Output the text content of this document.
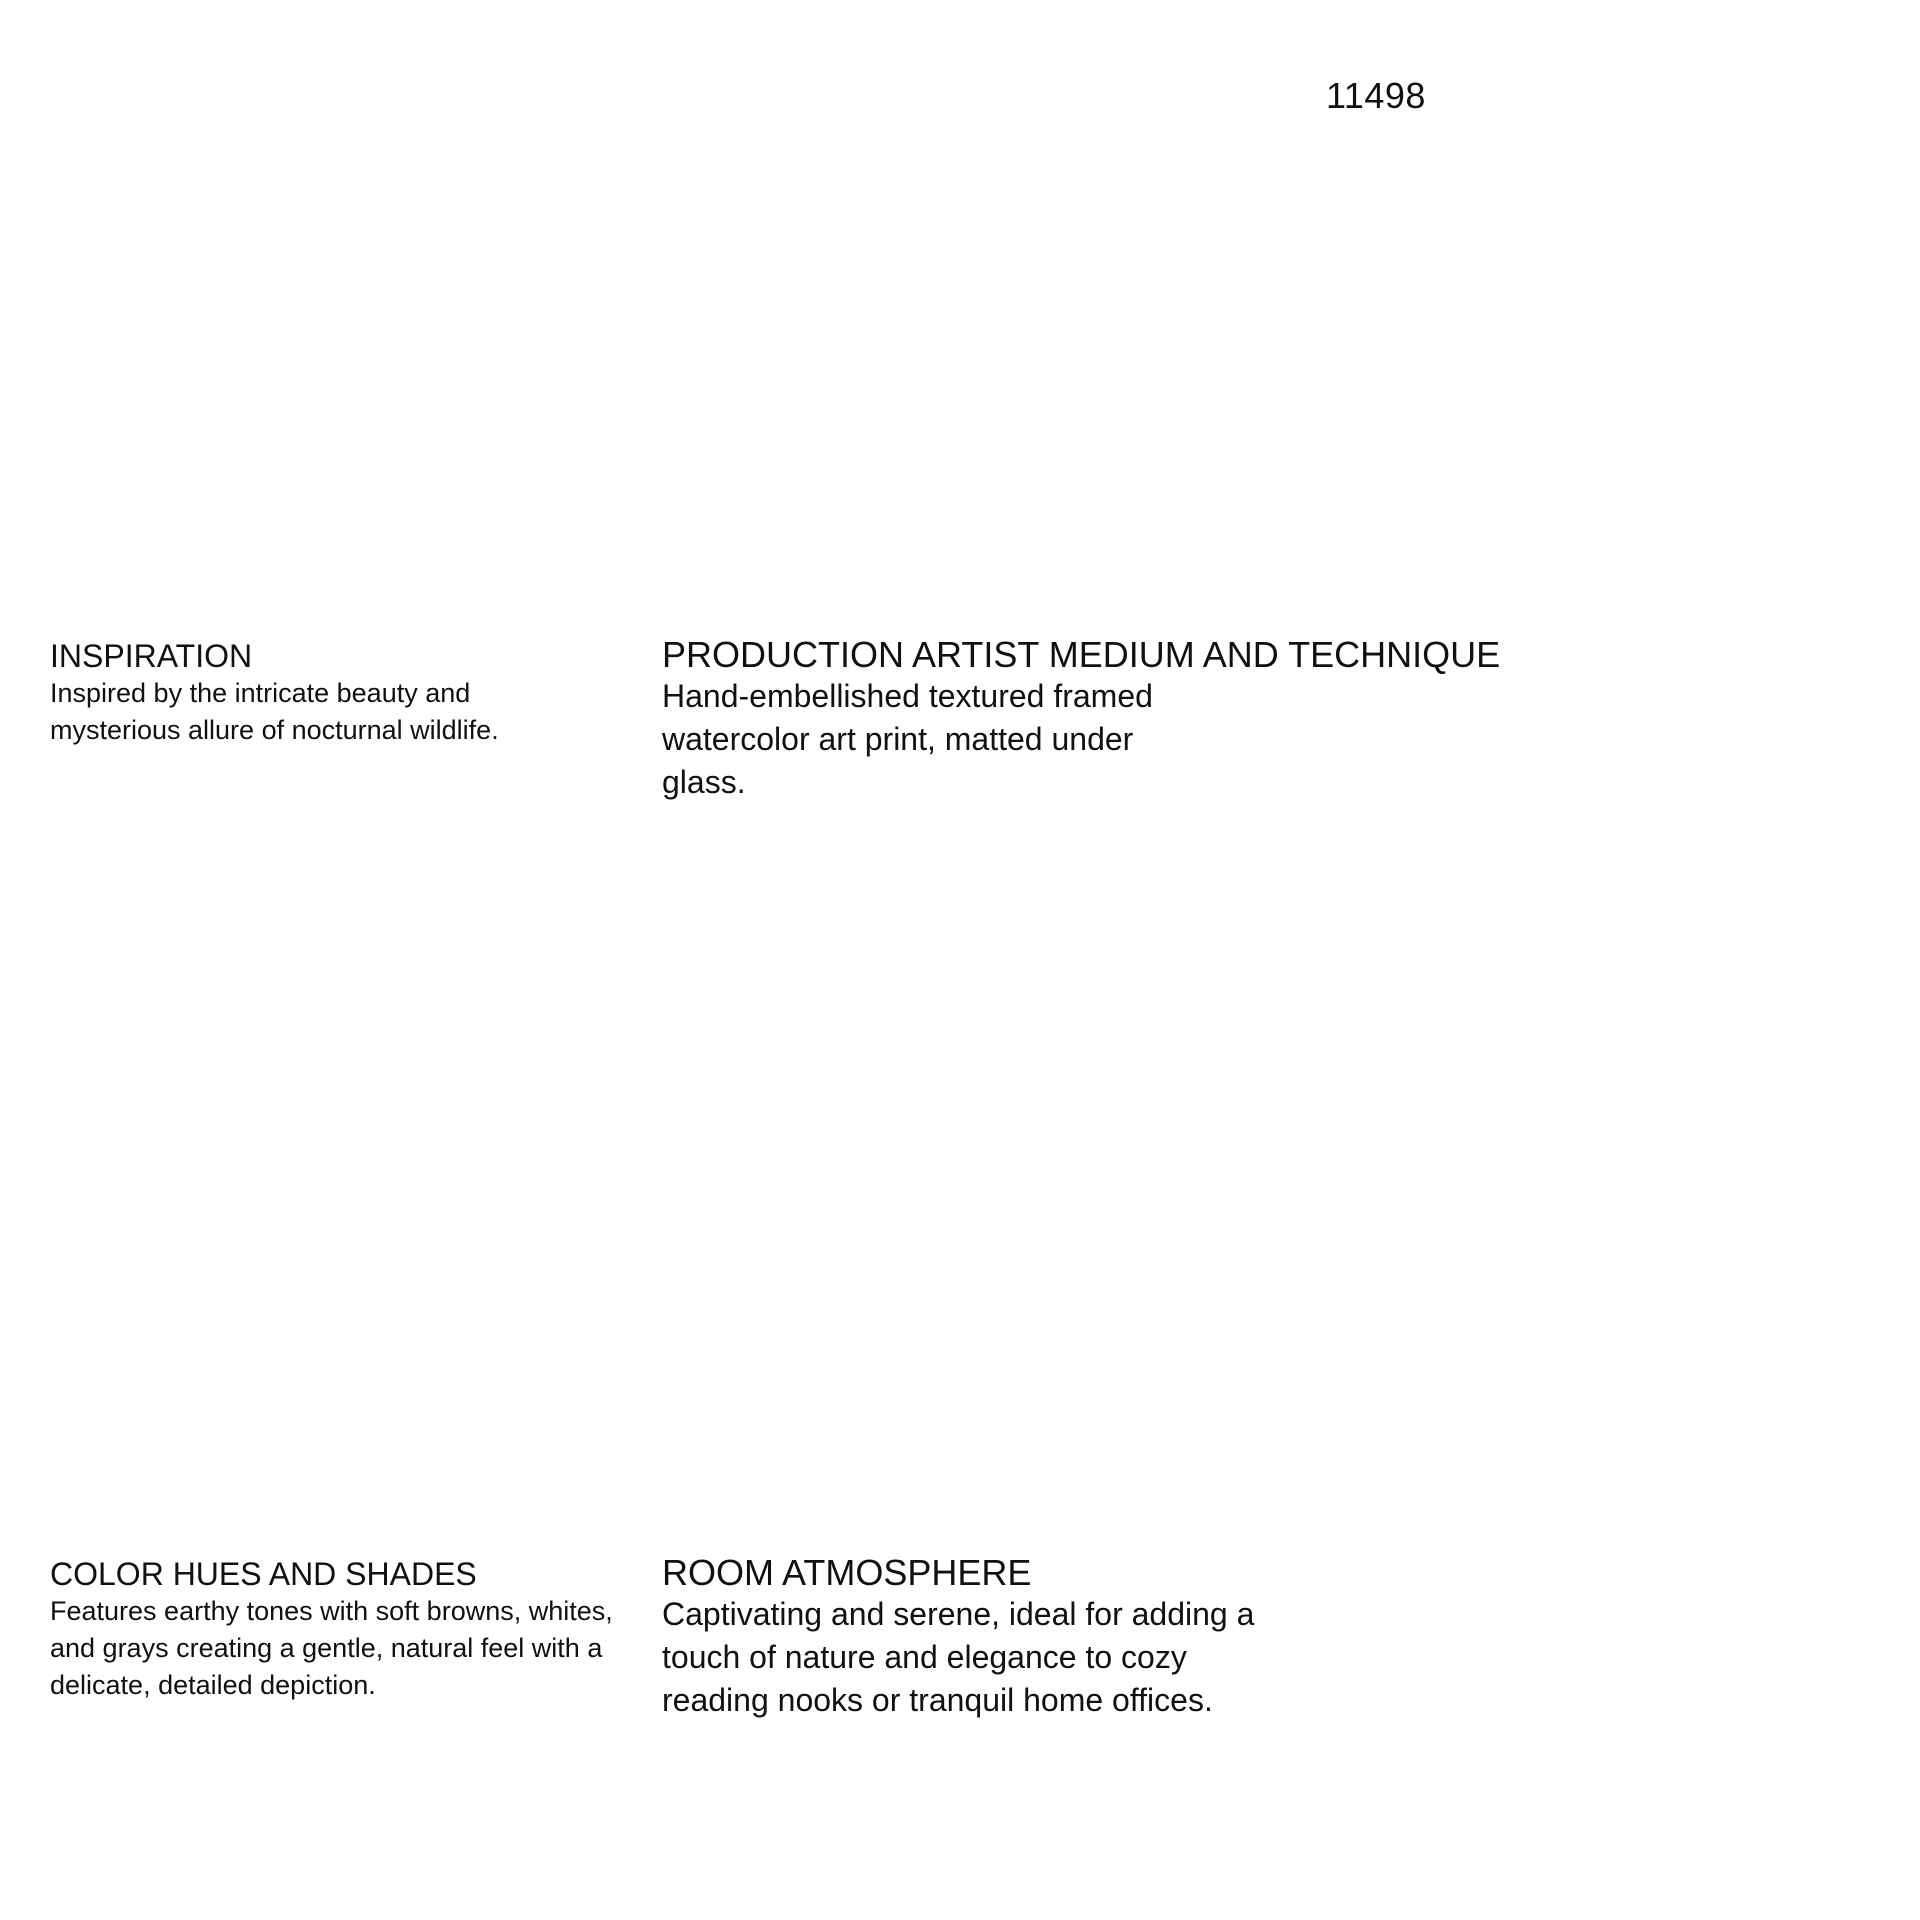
11498
INSPIRATION

Inspired by the intricate beauty and mysterious allure of nocturnal wildlife.

PRODUCTION ARTIST MEDIUM AND TECHNIQUE

Hand-embellished textured framed watercolor art print, matted under glass.

COLOR HUES AND SHADES

Features earthy tones with soft browns, whites, and grays creating a gentle, natural feel with a delicate, detailed depiction.

ROOM ATMOSPHERE

Captivating and serene, ideal for adding a touch of nature and elegance to cozy reading nooks or tranquil home offices.
